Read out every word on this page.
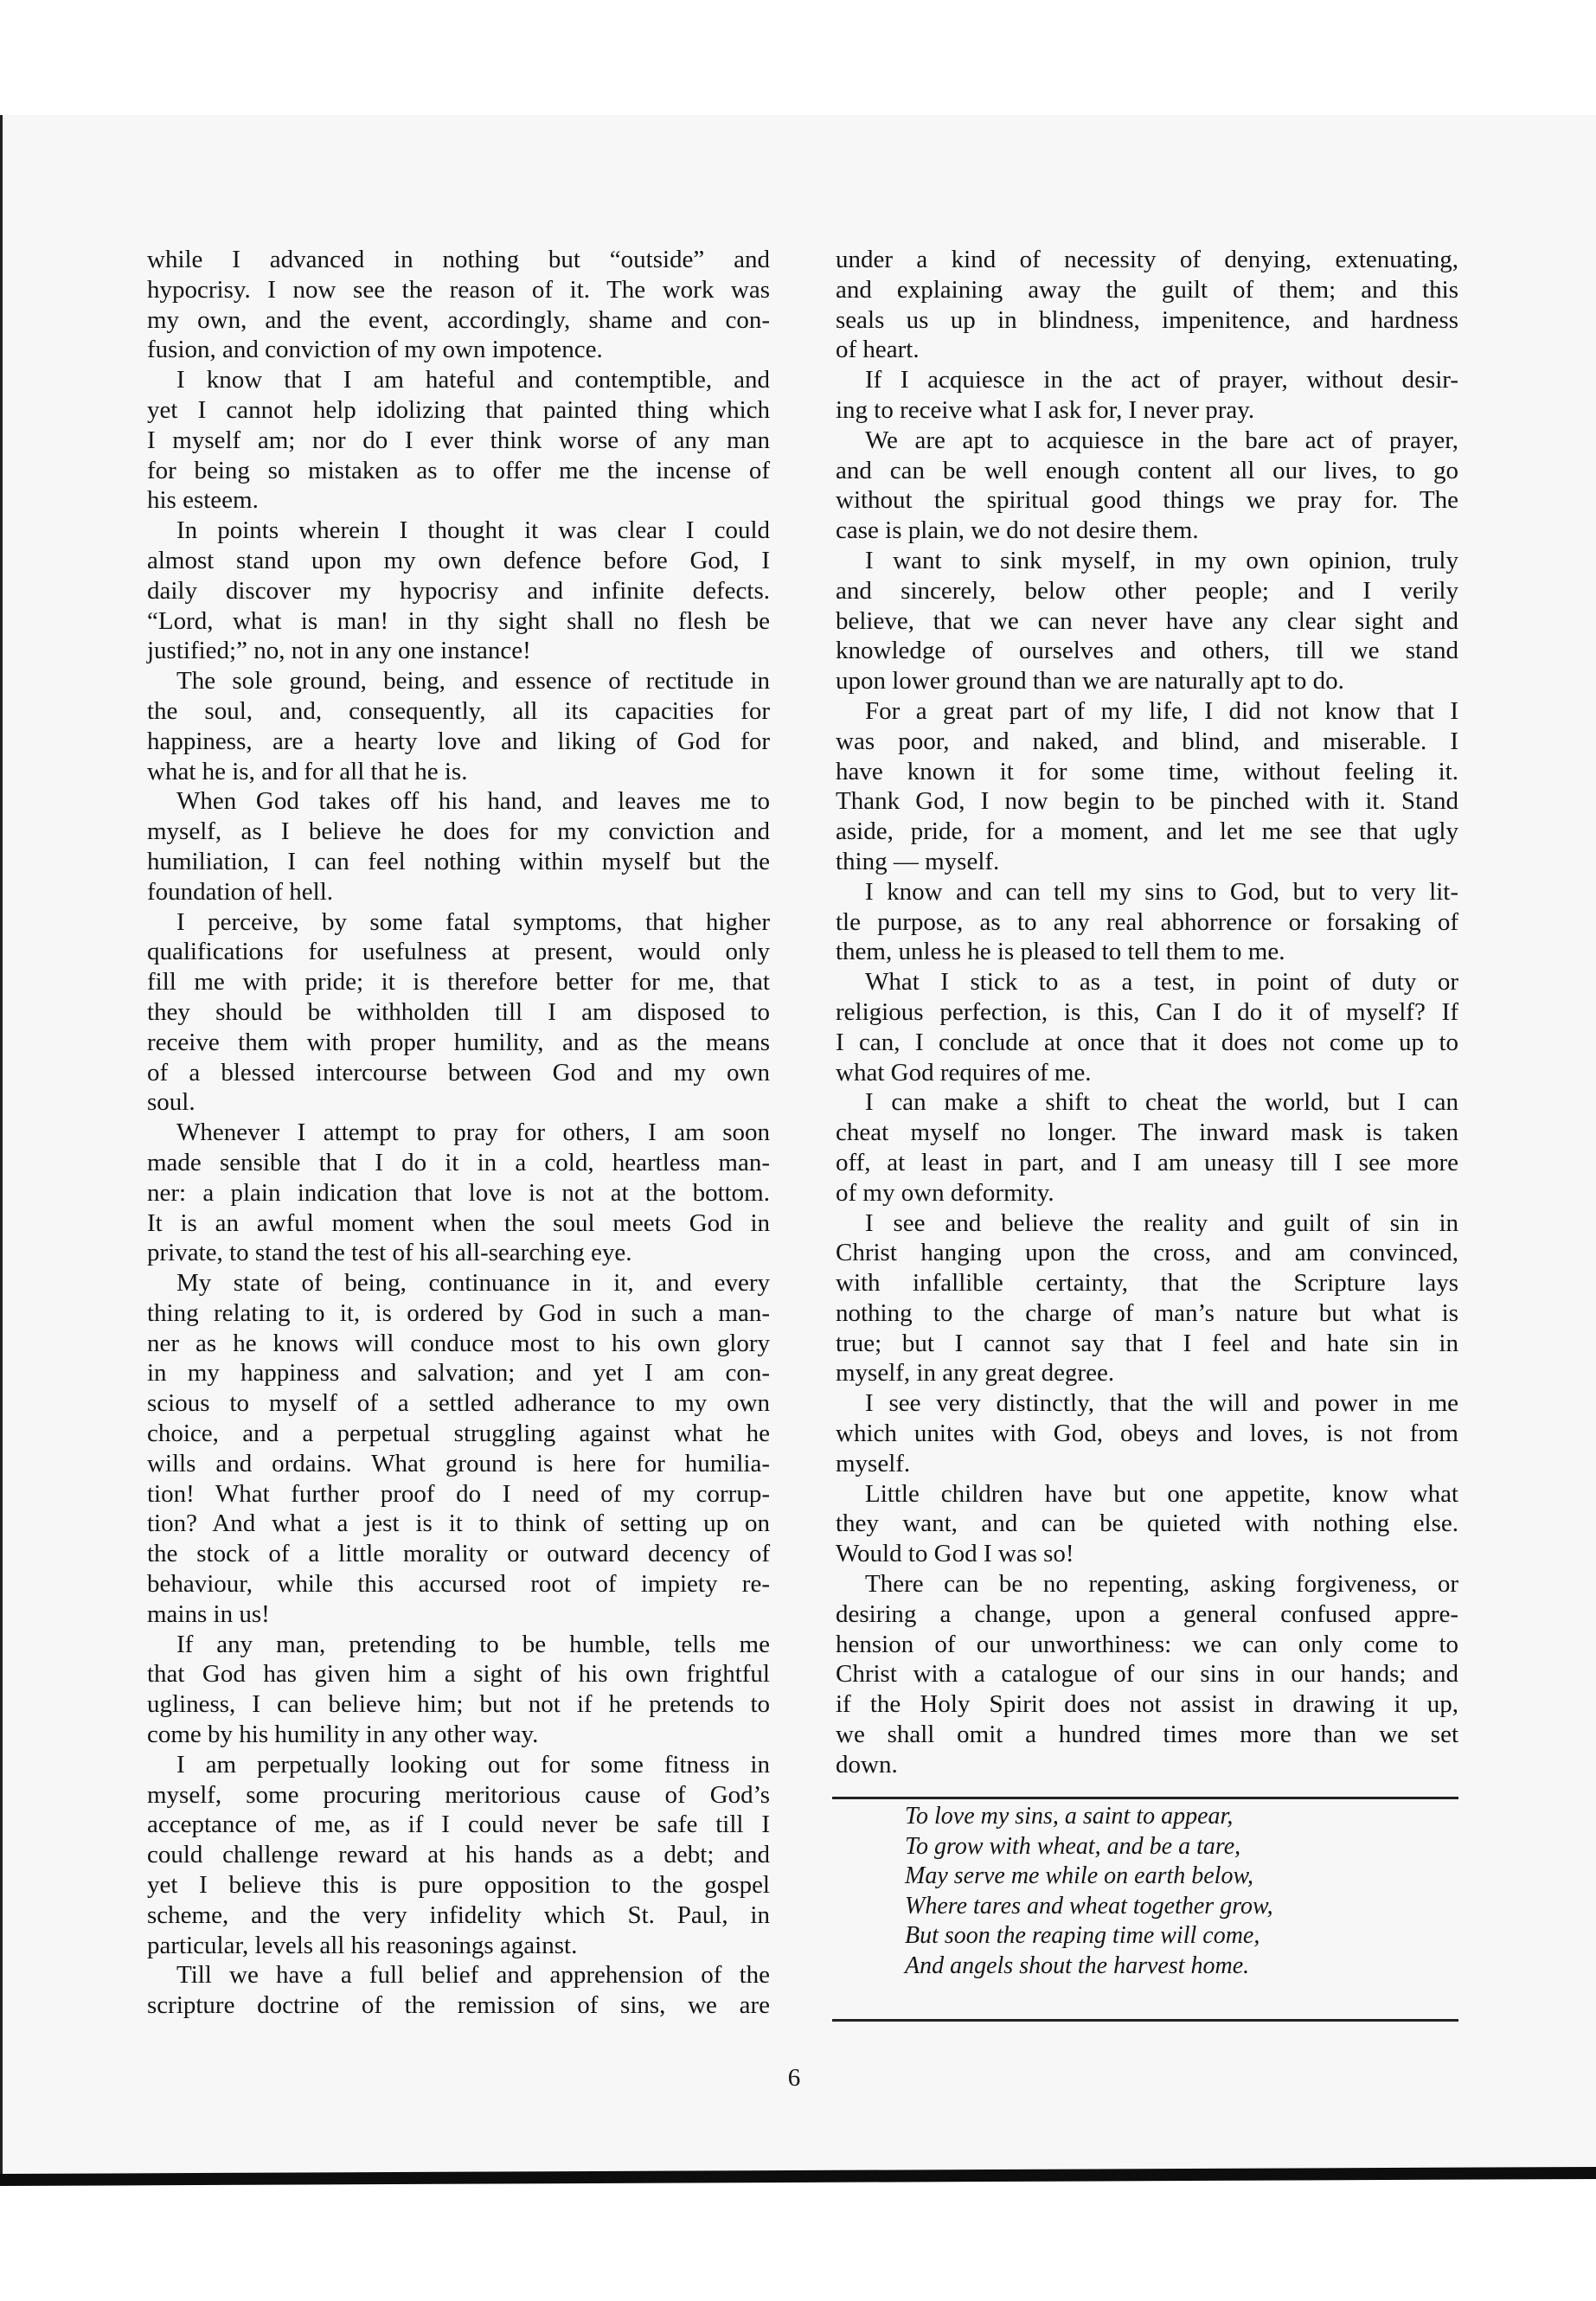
while I advanced in nothing but “outside” and
hypocrisy. I now see the reason of it. The work was
my own, and the event, accordingly, shame and con-
fusion, and conviction of my own impotence.
I know that I am hateful and contemptible, and
yet I cannot help idolizing that painted thing which
I myself am; nor do I ever think worse of any man
for being so mistaken as to offer me the incense of
his esteem.
In points wherein I thought it was clear I could
almost stand upon my own defence before God, I
daily discover my hypocrisy and infinite defects.
“Lord, what is man! in thy sight shall no flesh be
justified;” no, not in any one instance!
The sole ground, being, and essence of rectitude in
the soul, and, consequently, all its capacities for
happiness, are a hearty love and liking of God for
what he is, and for all that he is.
When God takes off his hand, and leaves me to
myself, as I believe he does for my conviction and
humiliation, I can feel nothing within myself but the
foundation of hell.
I perceive, by some fatal symptoms, that higher
qualifications for usefulness at present, would only
fill me with pride; it is therefore better for me, that
they should be withholden till I am disposed to
receive them with proper humility, and as the means
of a blessed intercourse between God and my own
soul.
Whenever I attempt to pray for others, I am soon
made sensible that I do it in a cold, heartless man-
ner: a plain indication that love is not at the bottom.
It is an awful moment when the soul meets God in
private, to stand the test of his all-searching eye.
My state of being, continuance in it, and every
thing relating to it, is ordered by God in such a man-
ner as he knows will conduce most to his own glory
in my happiness and salvation; and yet I am con-
scious to myself of a settled adherance to my own
choice, and a perpetual struggling against what he
wills and ordains. What ground is here for humilia-
tion! What further proof do I need of my corrup-
tion? And what a jest is it to think of setting up on
the stock of a little morality or outward decency of
behaviour, while this accursed root of impiety re-
mains in us!
If any man, pretending to be humble, tells me
that God has given him a sight of his own frightful
ugliness, I can believe him; but not if he pretends to
come by his humility in any other way.
I am perpetually looking out for some fitness in
myself, some procuring meritorious cause of God’s
acceptance of me, as if I could never be safe till I
could challenge reward at his hands as a debt; and
yet I believe this is pure opposition to the gospel
scheme, and the very infidelity which St. Paul, in
particular, levels all his reasonings against.
Till we have a full belief and apprehension of the
scripture doctrine of the remission of sins, we are
under a kind of necessity of denying, extenuating,
and explaining away the guilt of them; and this
seals us up in blindness, impenitence, and hardness
of heart.
If I acquiesce in the act of prayer, without desir-
ing to receive what I ask for, I never pray.
We are apt to acquiesce in the bare act of prayer,
and can be well enough content all our lives, to go
without the spiritual good things we pray for. The
case is plain, we do not desire them.
I want to sink myself, in my own opinion, truly
and sincerely, below other people; and I verily
believe, that we can never have any clear sight and
knowledge of ourselves and others, till we stand
upon lower ground than we are naturally apt to do.
For a great part of my life, I did not know that I
was poor, and naked, and blind, and miserable. I
have known it for some time, without feeling it.
Thank God, I now begin to be pinched with it. Stand
aside, pride, for a moment, and let me see that ugly
thing — myself.
I know and can tell my sins to God, but to very lit-
tle purpose, as to any real abhorrence or forsaking of
them, unless he is pleased to tell them to me.
What I stick to as a test, in point of duty or
religious perfection, is this, Can I do it of myself? If
I can, I conclude at once that it does not come up to
what God requires of me.
I can make a shift to cheat the world, but I can
cheat myself no longer. The inward mask is taken
off, at least in part, and I am uneasy till I see more
of my own deformity.
I see and believe the reality and guilt of sin in
Christ hanging upon the cross, and am convinced,
with infallible certainty, that the Scripture lays
nothing to the charge of man’s nature but what is
true; but I cannot say that I feel and hate sin in
myself, in any great degree.
I see very distinctly, that the will and power in me
which unites with God, obeys and loves, is not from
myself.
Little children have but one appetite, know what
they want, and can be quieted with nothing else.
Would to God I was so!
There can be no repenting, asking forgiveness, or
desiring a change, upon a general confused appre-
hension of our unworthiness: we can only come to
Christ with a catalogue of our sins in our hands; and
if the Holy Spirit does not assist in drawing it up,
we shall omit a hundred times more than we set
down.
To love my sins, a saint to appear,
To grow with wheat, and be a tare,
May serve me while on earth below,
Where tares and wheat together grow,
But soon the reaping time will come,
And angels shout the harvest home.
6
